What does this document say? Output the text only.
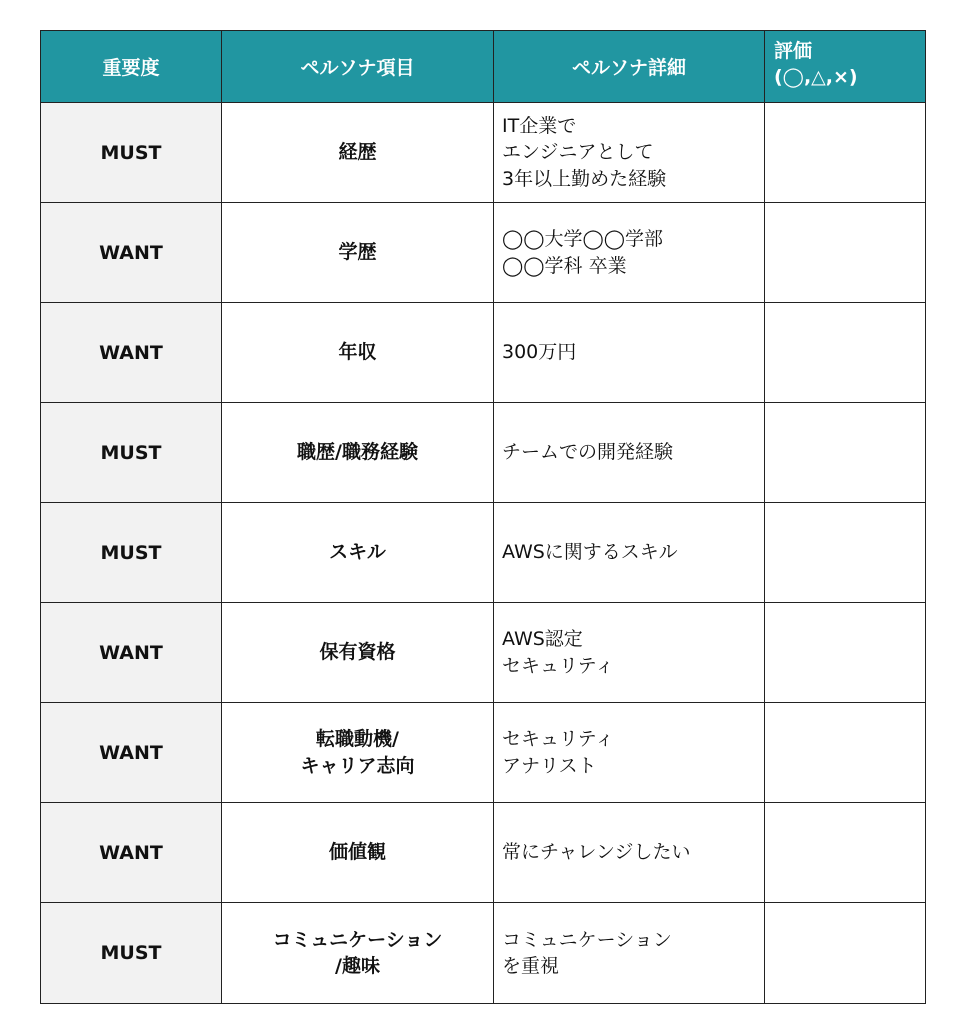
重要度	ペルソナ項目	ペルソナ詳細	評価
(◯,△,×)

MUST	経歴	IT企業で
エンジニアとして
3年以上勤めた経験	

WANT	学歴	◯◯大学◯◯学部
◯◯学科 卒業	

WANT	年収	300万円	

MUST	職歴/職務経験	チームでの開発経験	

MUST	スキル	AWSに関するスキル	

WANT	保有資格	AWS認定
セキュリティ	

WANT	転職動機/
キャリア志向	セキュリティ
アナリスト	

WANT	価値観	常にチャレンジしたい	

MUST	コミュニケーション
/趣味	コミュニケーション
を重視	
